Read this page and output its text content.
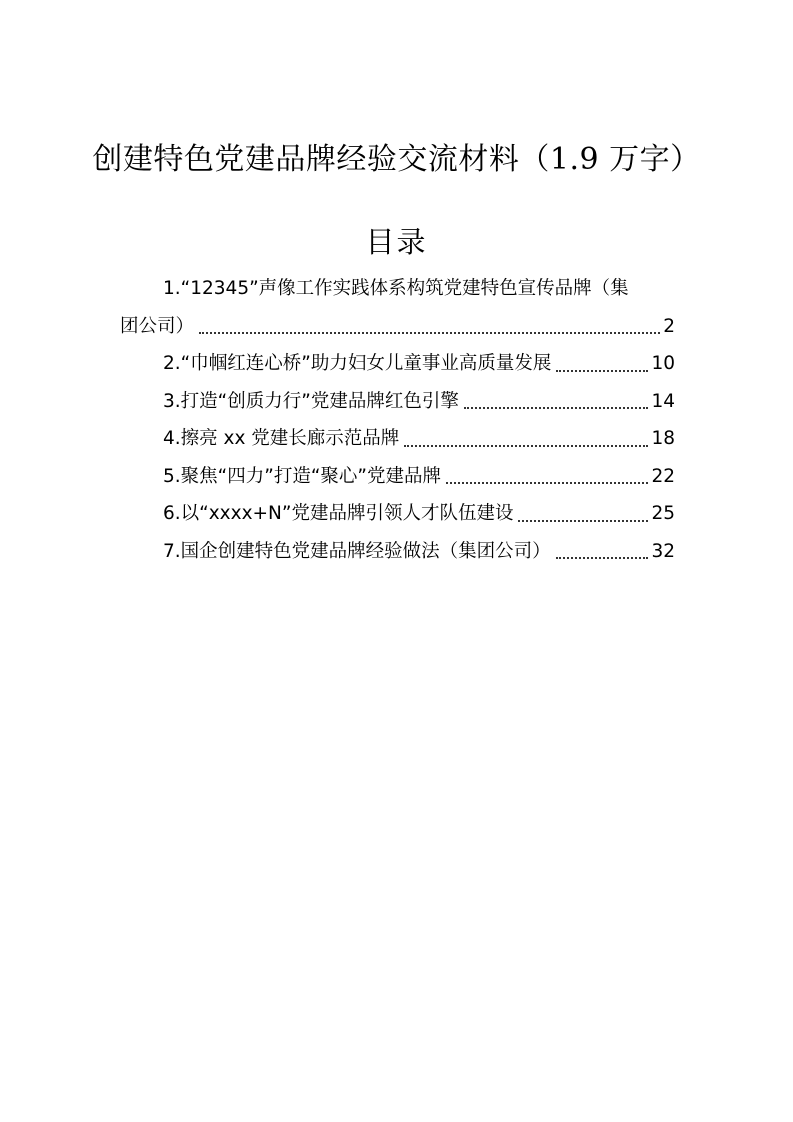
创建特色党建品牌经验交流材料（1.9 万字）
目录
1.“12345”声像工作实践体系构筑党建特色宣传品牌（集
团公司）	2
2.“巾帼红连心桥”助力妇女儿童事业高质量发展	10
3.打造“创质力行”党建品牌红色引擎	14
4.擦亮 xx 党建长廊示范品牌	18
5.聚焦“四力”打造“聚心”党建品牌	22
6.以“xxxx+N”党建品牌引领人才队伍建设	25
7.国企创建特色党建品牌经验做法（集团公司）	32
